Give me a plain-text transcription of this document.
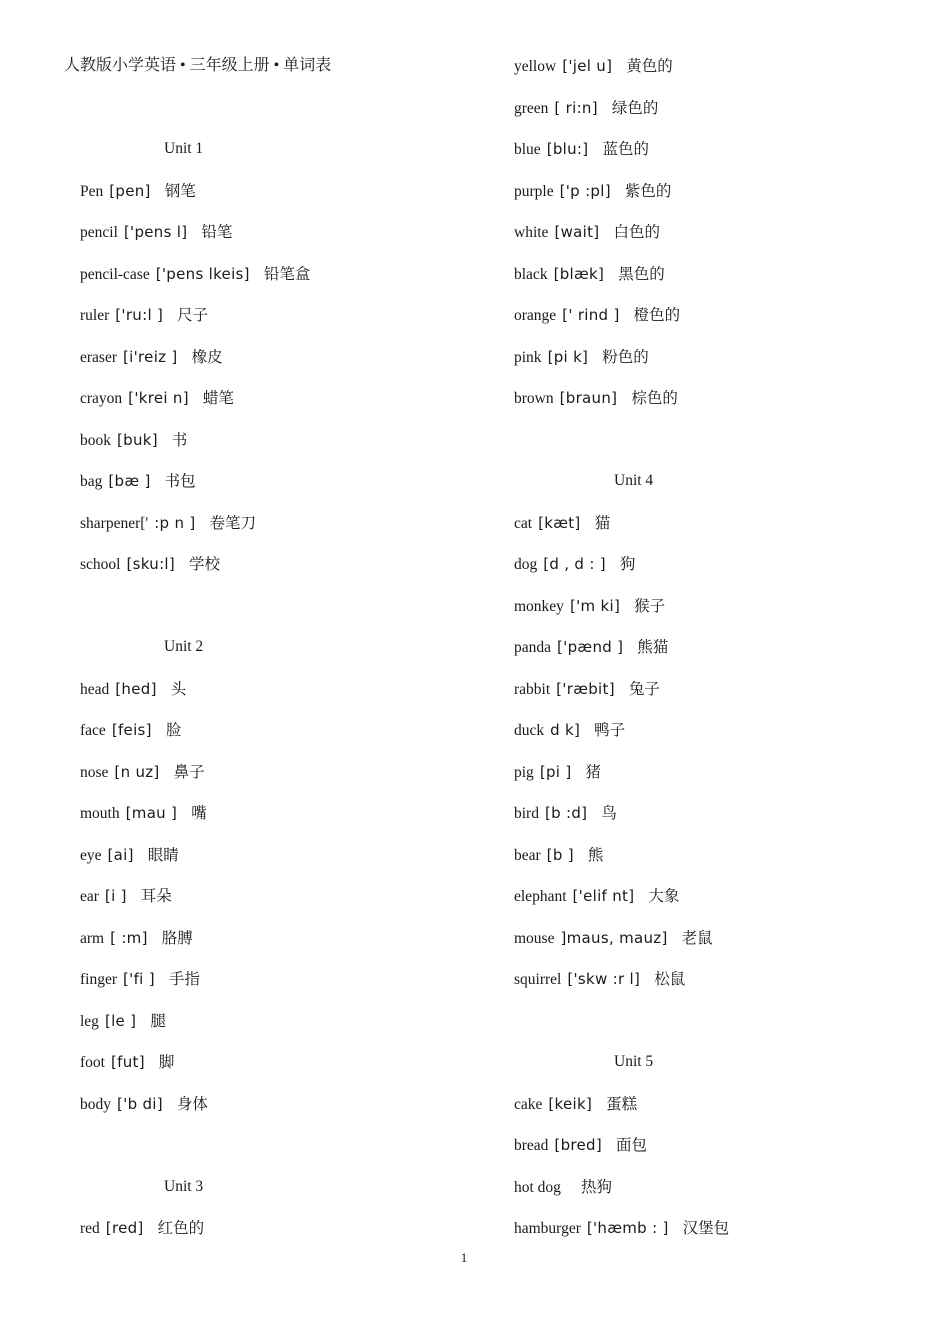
人教版小学英语 • 三年级上册 • 单词表
Unit 1
Pen [pen] 钢笔
pencil ['pens l] 铅笔
pencil-case ['pens lkeis] 铅笔盒
ruler ['ru:l ] 尺子
eraser [i'reiz ] 橡皮
crayon ['krei n] 蜡笔
book [buk] 书
bag [bæ ] 书包
sharpener[' :p n ] 卷笔刀
school [sku:l] 学校
Unit 2
head [hed] 头
face [feis] 脸
nose [n uz] 鼻子
mouth [mau ] 嘴
eye [ai] 眼睛
ear [i ] 耳朵
arm [ :m] 胳膊
finger ['fi ] 手指
leg [le ] 腿
foot [fut] 脚
body ['b di] 身体
Unit 3
red [red] 红色的
yellow ['jel u] 黄色的
green [ ri:n] 绿色的
blue [blu:] 蓝色的
purple ['p :pl] 紫色的
white [wait] 白色的
black [blæk] 黑色的
orange [' rind ] 橙色的
pink [pi k] 粉色的
brown [braun] 棕色的
Unit 4
cat [kæt] 猫
dog [d , d : ] 狗
monkey ['m ki] 猴子
panda ['pænd ] 熊猫
rabbit ['ræbit] 兔子
duck d k] 鸭子
pig [pi ] 猪
bird [b :d] 鸟
bear [b ] 熊
elephant ['elif nt] 大象
mouse ]maus, mauz] 老鼠
squirrel ['skw :r l] 松鼠
Unit 5
cake [keik] 蛋糕
bread [bred] 面包
hot dog 热狗
hamburger ['hæmb : ] 汉堡包
1
